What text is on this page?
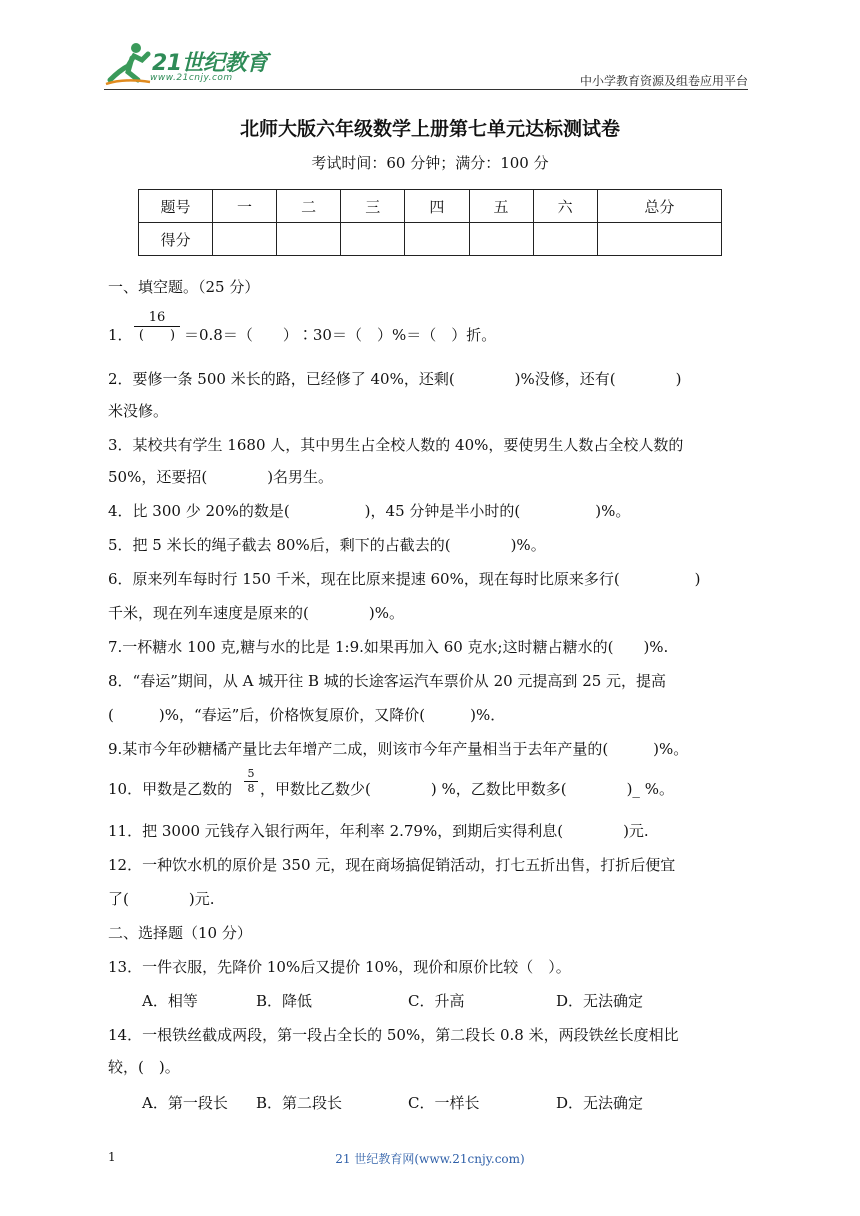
21世纪教育
www.21cnjy.com	中小学教育资源及组卷应用平台
北师大版六年级数学上册第七单元达标测试卷
考试时间：60 分钟；满分：100 分
题号	一	二	三	四	五	六	总分
得分							
一、填空题。（25 分）
1．
16
(　　) ＝0.8＝（　　）∶30＝（　）%＝（　）折。
2．要修一条 500 米长的路，已经修了 40%，还剩(　　　　)%没修，还有(　　　　)
米没修。
3．某校共有学生 1680 人，其中男生占全校人数的 40%，要使男生人数占全校人数的
50%，还要招(　　　　)名男生。
4．比 300 少 20%的数是(　　　　　)，45 分钟是半小时的(　　　　　)%。
5．把 5 米长的绳子截去 80%后，剩下的占截去的(　　　　)%。
6．原来列车每时行 150 千米，现在比原来提速 60%，现在每时比原来多行(　　　　　)
千米，现在列车速度是原来的(　　　　)%。
7.一杯糖水 100 克,糖与水的比是 1:9.如果再加入 60 克水;这时糖占糖水的(　　)%.
8．“春运”期间，从 A 城开往 B 城的长途客运汽车票价从 20 元提高到 25 元，提高
(　　　)%，“春运”后，价格恢复原价，又降价(　　　)%．
9.某市今年砂糖橘产量比去年增产二成，则该市今年产量相当于去年产量的(　　　)%。
10．甲数是乙数的 $\frac{5}{8}$ ，甲数比乙数少(　　　　) %，乙数比甲数多(　　　　)_ %。
11．把 3000 元钱存入银行两年，年利率 2.79%，到期后实得利息(　　　　)元.
12．一种饮水机的原价是 350 元，现在商场搞促销活动，打七五折出售，打折后便宜
了(　　　　)元.
二、选择题（10 分）
13．一件衣服，先降价 10%后又提价 10%，现价和原价比较（　）。
A．相等	B．降低	C．升高	D．无法确定
14．一根铁丝截成两段，第一段占全长的 50%，第二段长 0.8 米，两段铁丝长度相比
较，(　)。
A．第一段长 B．第二段长	C．一样长	D．无法确定
1	21 世纪教育网(www.21cnjy.com)
